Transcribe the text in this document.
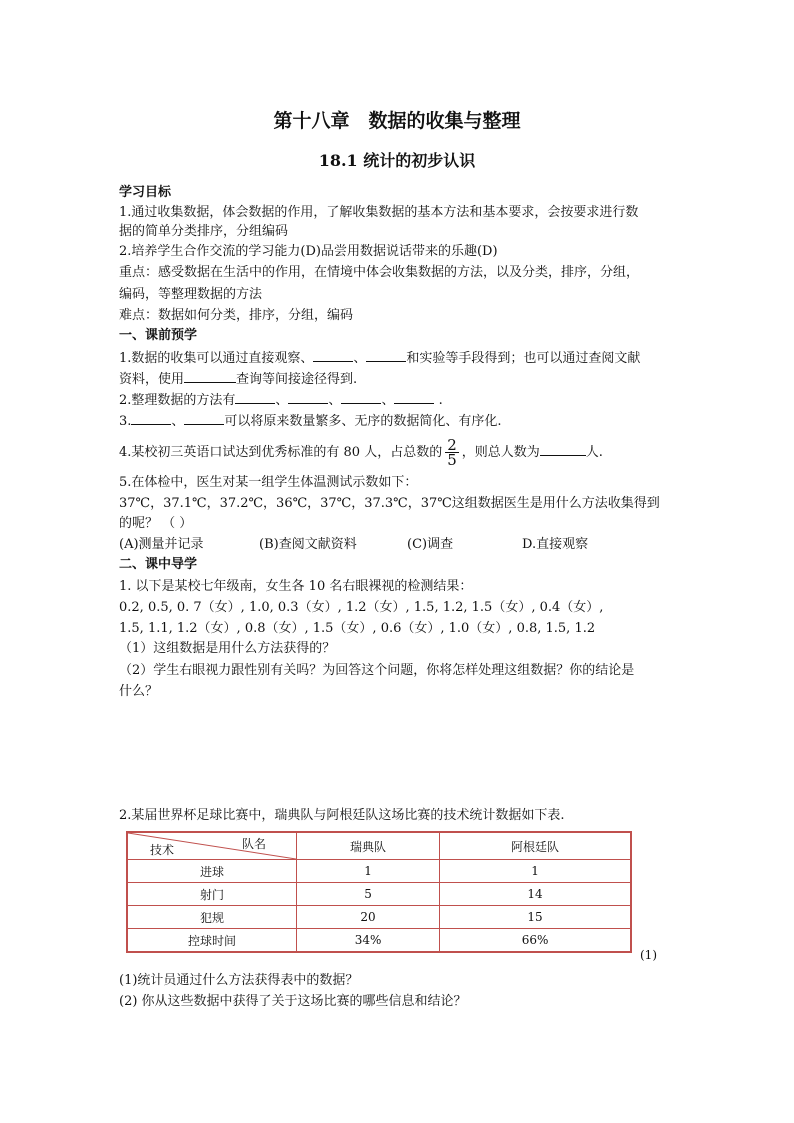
第十八章　数据的收集与整理
18.1 统计的初步认识
学习目标
1.通过收集数据，体会数据的作用，了解收集数据的基本方法和基本要求，会按要求进行数
据的简单分类排序，分组编码
2.培养学生合作交流的学习能力(D)品尝用数据说话带来的乐趣(D)
重点：感受数据在生活中的作用，在情境中体会收集数据的方法，以及分类，排序，分组，
编码，等整理数据的方法
难点：数据如何分类，排序，分组，编码
一、课前预学
1.数据的收集可以通过直接观察、	、	和实验等手段得到；也可以通过查阅文献
资料，使用	查询等间接途径得到.
2.整理数据的方法有	、	、	、	.
3.	、	可以将原来数量繁多、无序的数据简化、有序化.
4.某校初三英语口试达到优秀标准的有 80 人，占总数的 $\frac{2}{5}$ ，则总人数为	人.
5.在体检中，医生对某一组学生体温测试示数如下：
37℃，37.1℃，37.2℃，36℃，37℃，37.3℃，37℃这组数据医生是用什么方法收集得到
的呢？ （ ）
(A)测量并记录	(B)查阅文献资料	(C)调查	D.直接观察
二、课中导学
1. 以下是某校七年级南，女生各 10 名右眼裸视的检测结果：
0.2, 0.5, 0. 7（女）, 1.0, 0.3（女）, 1.2（女）, 1.5, 1.2, 1.5（女）, 0.4（女）,
1.5, 1.1, 1.2（女）, 0.8（女）, 1.5（女）, 0.6（女）, 1.0（女）, 0.8, 1.5, 1.2
（1）这组数据是用什么方法获得的？
（2）学生右眼视力跟性别有关吗？为回答这个问题，你将怎样处理这组数据？你的结论是
什么？
2.某届世界杯足球比赛中，瑞典队与阿根廷队这场比赛的技术统计数据如下表.
队名
技术	瑞典队	阿根廷队
进球	1	1
射门	5	14
犯规	20	15
控球时间	34%	66%
(1)
(1)统计员通过什么方法获得表中的数据？
(2) 你从这些数据中获得了关于这场比赛的哪些信息和结论？
